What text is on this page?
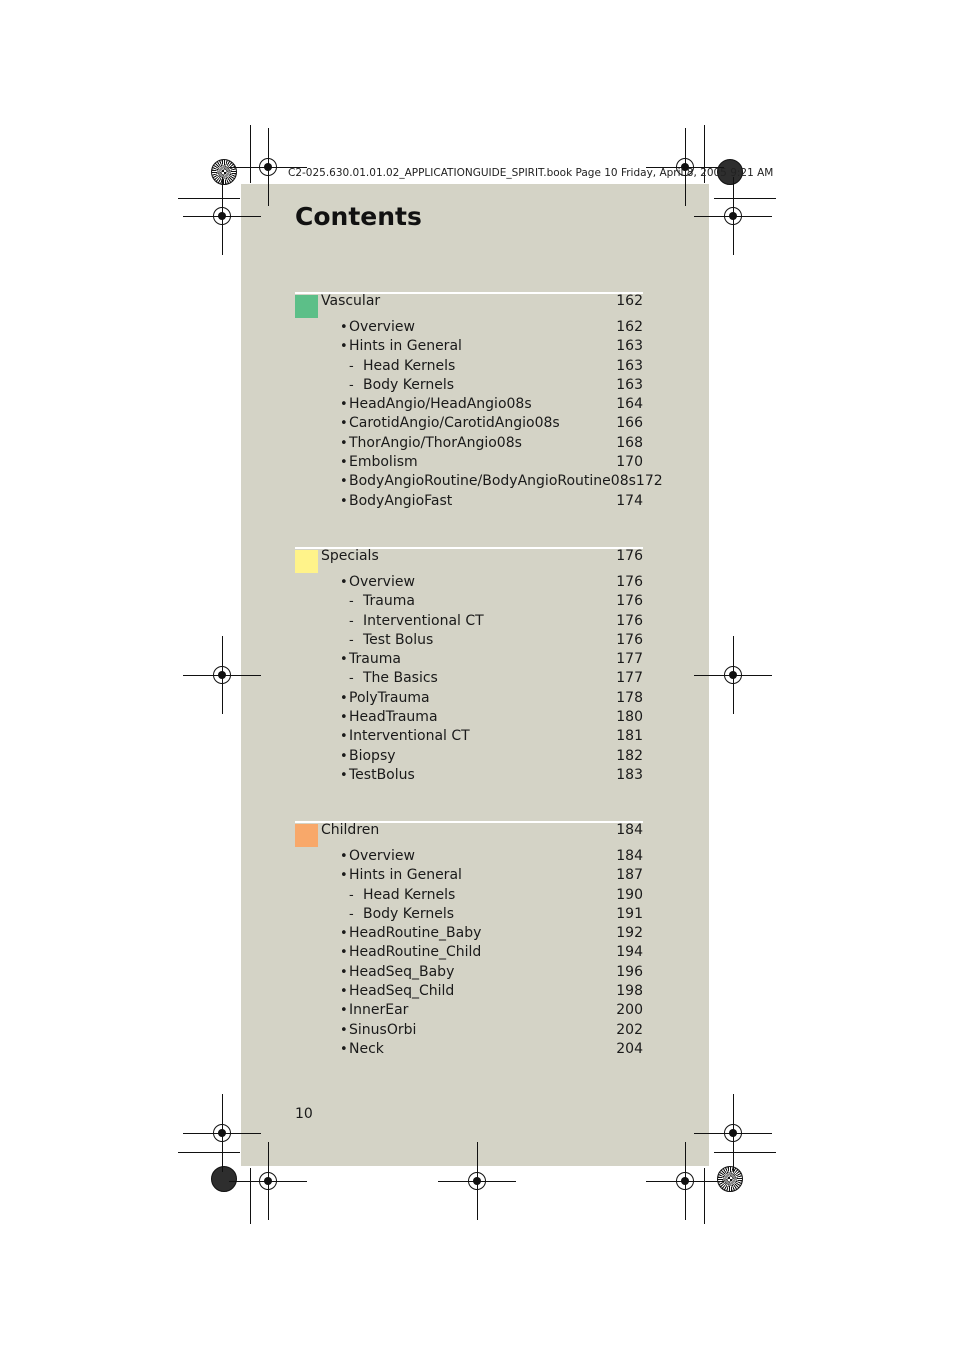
C2-025.630.01.01.02_APPLICATIONGUIDE_SPIRIT.book Page 10 Friday, April 8, 2005 9:21 AM
Contents
Vascular	162
• Overview	162
• Hints in General	163
- Head Kernels	163
- Body Kernels	163
• HeadAngio/HeadAngio08s	164
• CarotidAngio/CarotidAngio08s	166
• ThorAngio/ThorAngio08s	168
• Embolism	170
• BodyAngioRoutine/BodyAngioRoutine08s 172
• BodyAngioFast	174
Specials	176
• Overview	176
- Trauma	176
- Interventional CT	176
- Test Bolus	176
• Trauma	177
- The Basics	177
• PolyTrauma	178
• HeadTrauma	180
• Interventional CT	181
• Biopsy	182
• TestBolus	183
Children	184
• Overview	184
• Hints in General	187
- Head Kernels	190
- Body Kernels	191
• HeadRoutine_Baby	192
• HeadRoutine_Child	194
• HeadSeq_Baby	196
• HeadSeq_Child	198
• InnerEar	200
• SinusOrbi	202
• Neck	204
10
